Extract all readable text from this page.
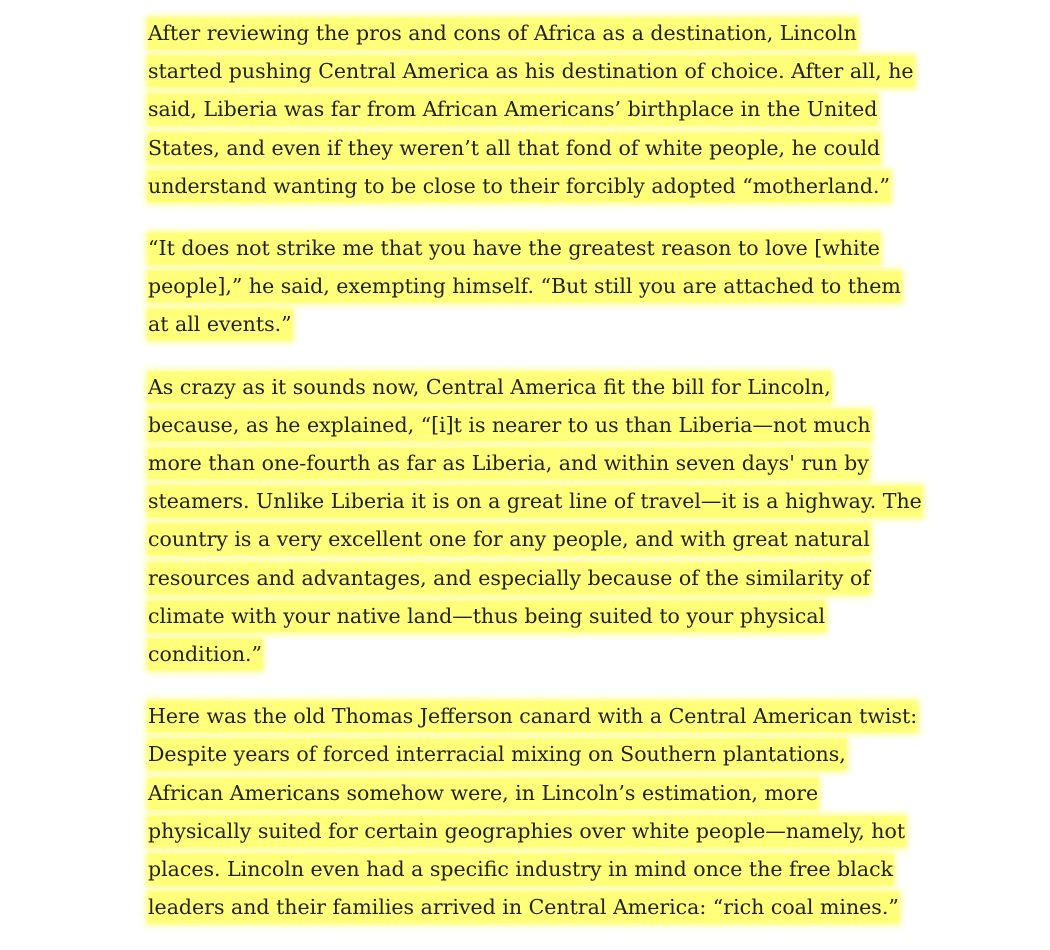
After reviewing the pros and cons of Africa as a destination, Lincoln
started pushing Central America as his destination of choice. After all, he
said, Liberia was far from African Americans’ birthplace in the United
States, and even if they weren’t all that fond of white people, he could
understand wanting to be close to their forcibly adopted “motherland.”

“It does not strike me that you have the greatest reason to love [white
people],” he said, exempting himself. “But still you are attached to them
at all events.”

As crazy as it sounds now, Central America fit the bill for Lincoln,
because, as he explained, “[i]t is nearer to us than Liberia—not much
more than one-fourth as far as Liberia, and within seven days' run by
steamers. Unlike Liberia it is on a great line of travel—it is a highway. The
country is a very excellent one for any people, and with great natural
resources and advantages, and especially because of the similarity of
climate with your native land—thus being suited to your physical
condition.”

Here was the old Thomas Jefferson canard with a Central American twist:
Despite years of forced interracial mixing on Southern plantations,
African Americans somehow were, in Lincoln’s estimation, more
physically suited for certain geographies over white people—namely, hot
places. Lincoln even had a specific industry in mind once the free black
leaders and their families arrived in Central America: “rich coal mines.”
